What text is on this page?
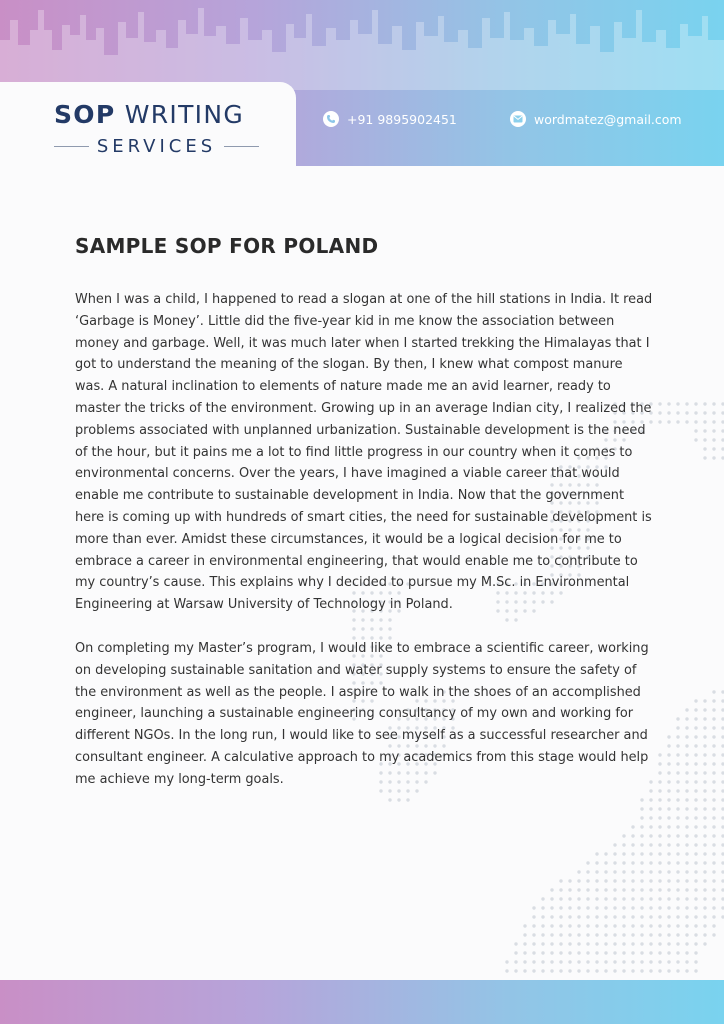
SOP WRITING
SERVICES
+91 9895902451	wordmatez@gmail.com
SAMPLE SOP FOR POLAND

When I was a child, I happened to read a slogan at one of the hill stations in India. It read ‘Garbage is Money’. Little did the five-year kid in me know the association between money and garbage. Well, it was much later when I started trekking the Himalayas that I got to understand the meaning of the slogan. By then, I knew what compost manure was. A natural inclination to elements of nature made me an avid learner, ready to master the tricks of the environment. Growing up in an average Indian city, I realized the problems associated with unplanned urbanization. Sustainable development is the need of the hour, but it pains me a lot to find little progress in our country when it comes to environmental concerns. Over the years, I have imagined a viable career that would enable me contribute to sustainable development in India. Now that the government here is coming up with hundreds of smart cities, the need for sustainable development is more than ever. Amidst these circumstances, it would be a logical decision for me to embrace a career in environmental engineering, that would enable me to contribute to my country’s cause. This explains why I decided to pursue my M.Sc. in Environmental Engineering at Warsaw University of Technology in Poland.

On completing my Master’s program, I would like to embrace a scientific career, working on developing sustainable sanitation and water supply systems to ensure the safety of the environment as well as the people. I aspire to walk in the shoes of an accomplished engineer, launching a sustainable engineering consultancy of my own and working for different NGOs. In the long run, I would like to see myself as a successful researcher and consultant engineer. A calculative approach to my academics from this stage would help me achieve my long-term goals.
